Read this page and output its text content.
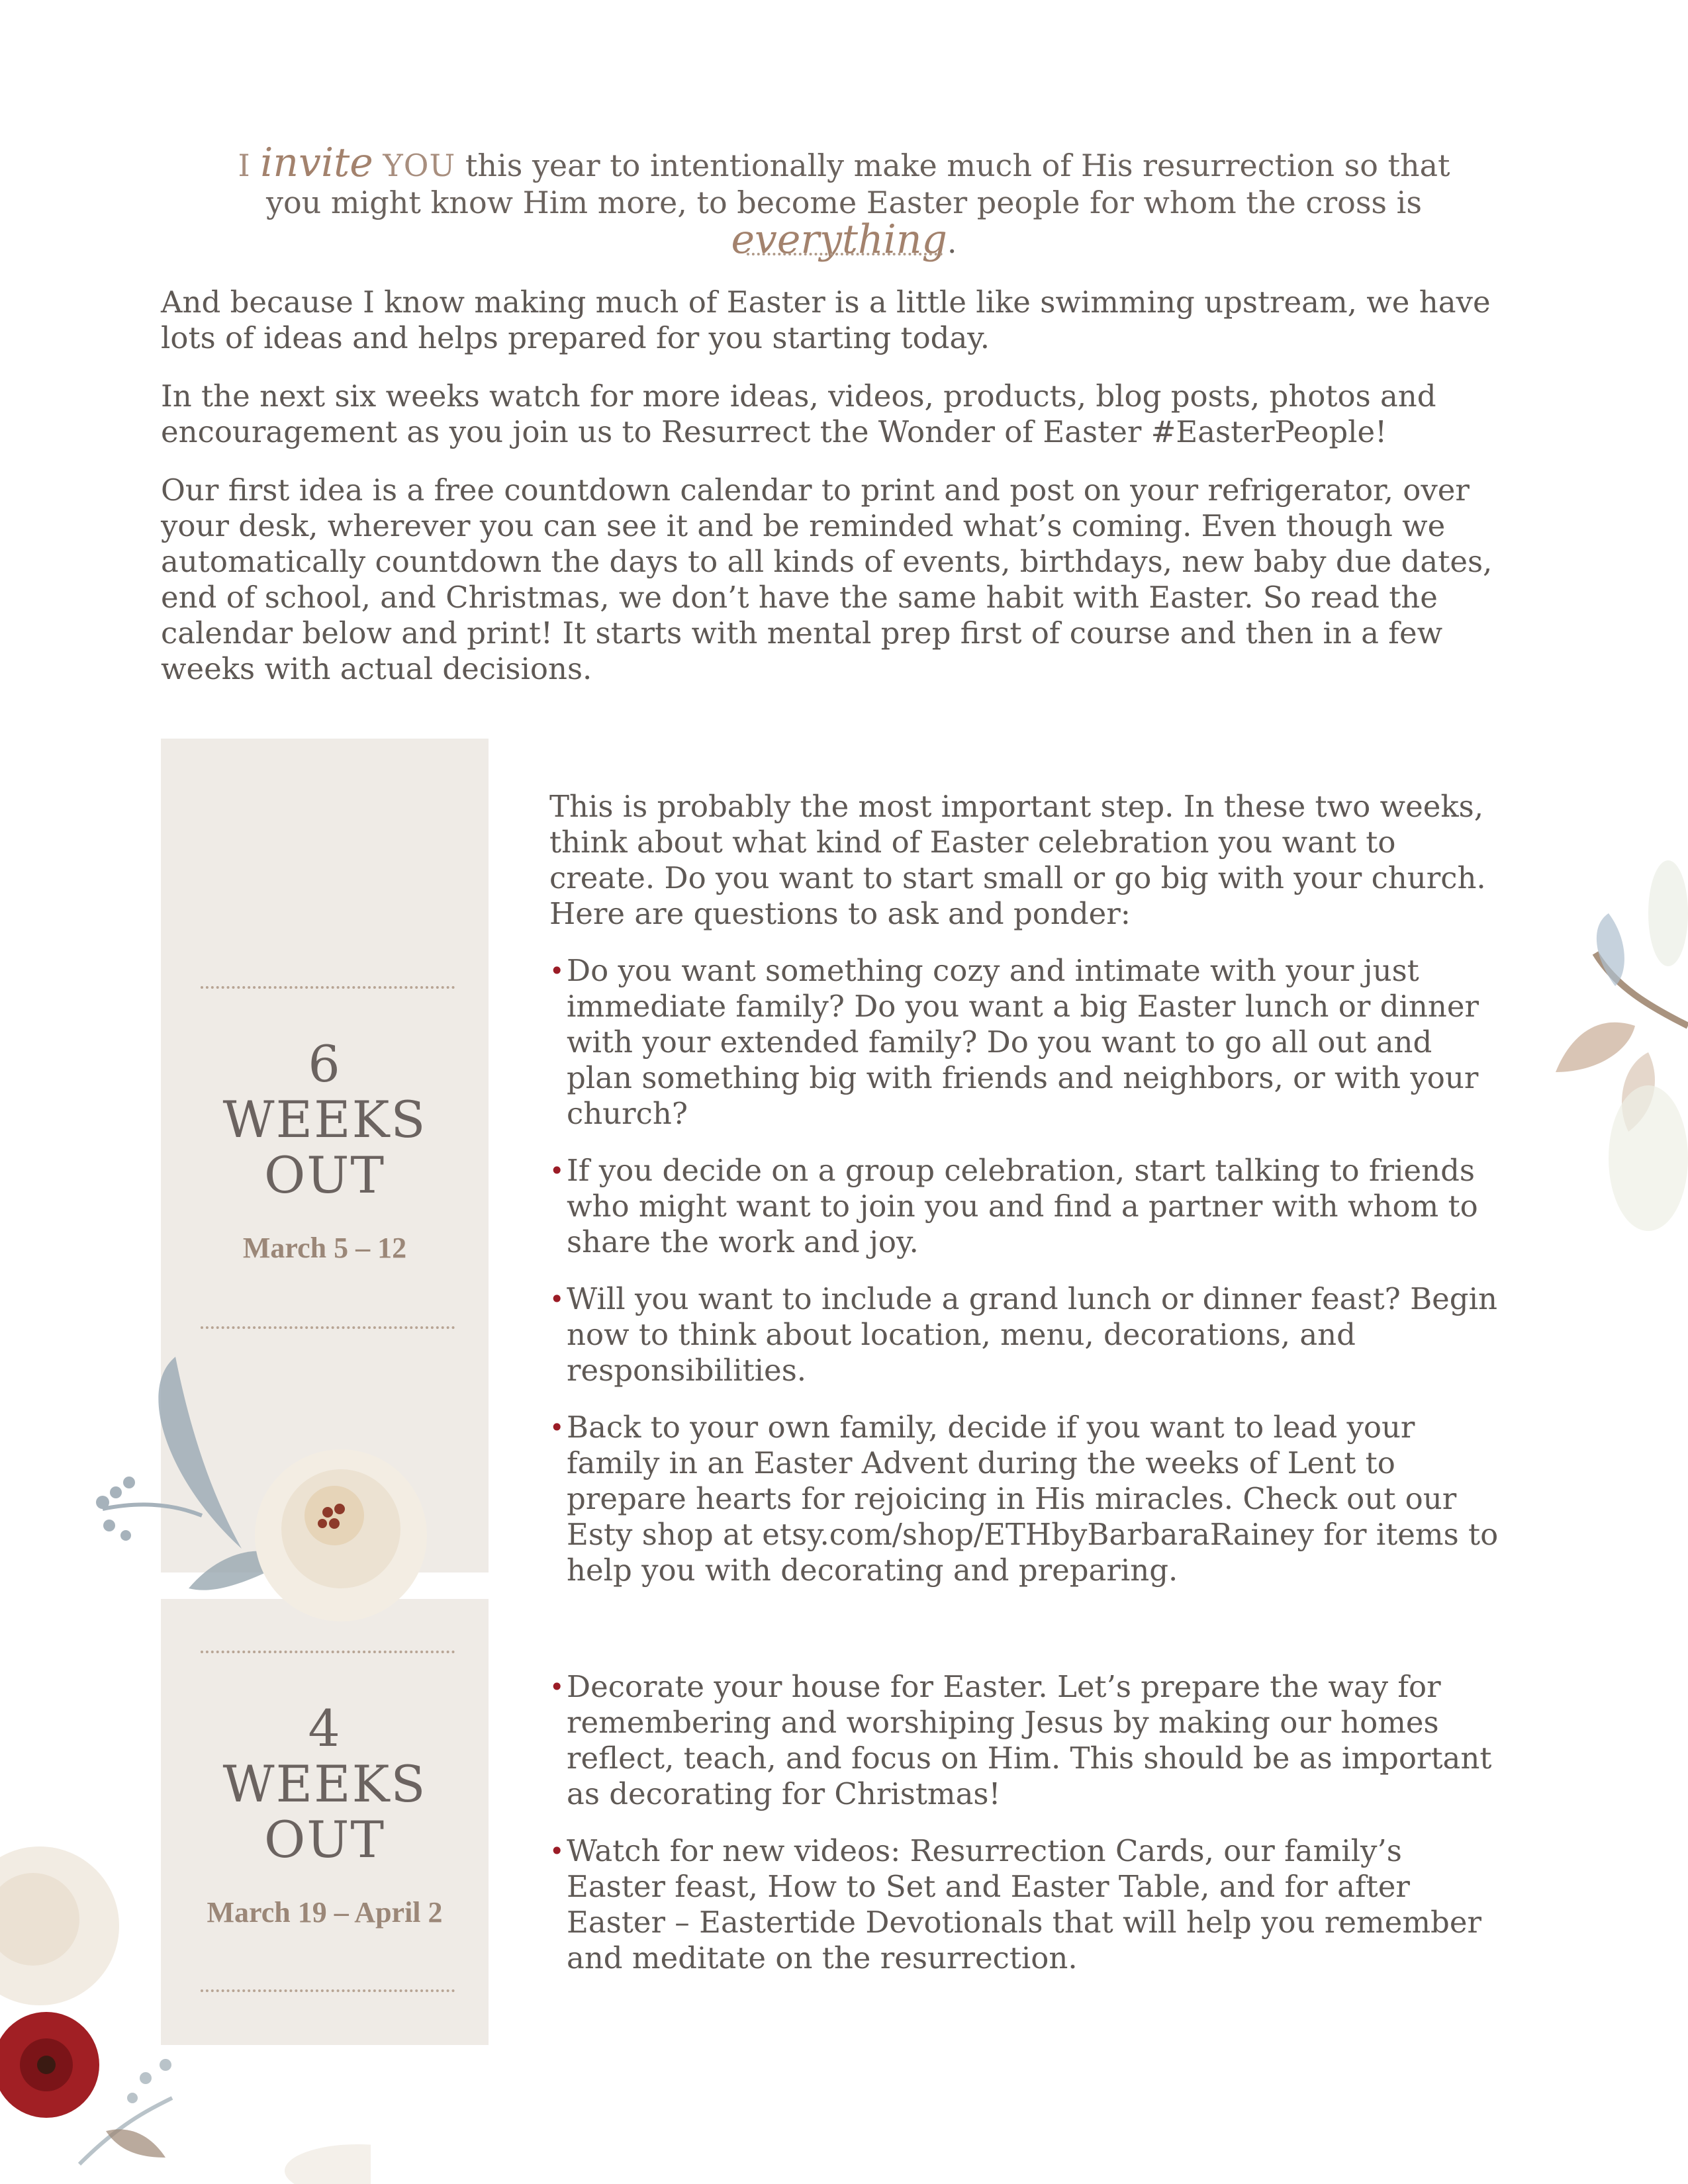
I invite YOU this year to intentionally make much of His resurrection so that
you might know Him more, to become Easter people for whom the cross is everything.
And because I know making much of Easter is a little like swimming upstream, we have lots of ideas and helps prepared for you starting today.
In the next six weeks watch for more ideas, videos, products, blog posts, photos and encouragement as you join us to Resurrect the Wonder of Easter #EasterPeople!
Our first idea is a free countdown calendar to print and post on your refrigerator, over your desk, wherever you can see it and be reminded what’s coming. Even though we automatically countdown the days to all kinds of events, birthdays, new baby due dates, end of school, and Christmas, we don’t have the same habit with Easter. So read the calendar below and print! It starts with mental prep first of course and then in a few weeks with actual decisions.
6
WEEKS
OUT
March 5 – 12
4
WEEKS
OUT
March 19 – April 2

This is probably the most important step. In these two weeks, think about what kind of Easter celebration you want to create. Do you want to start small or go big with your church. Here are questions to ask and ponder:

• Do you want something cozy and intimate with your just immediate family? Do you want a big Easter lunch or dinner with your extended family? Do you want to go all out and plan something big with friends and neighbors, or with your church?
• If you decide on a group celebration, start talking to friends who might want to join you and find a partner with whom to share the work and joy.
• Will you want to include a grand lunch or dinner feast? Begin now to think about location, menu, decorations, and responsibilities.
• Back to your own family, decide if you want to lead your family in an Easter Advent during the weeks of Lent to prepare hearts for rejoicing in His miracles. Check out our Esty shop at etsy.com/shop/ETHbyBarbaraRainey for items to help you with decorating and preparing.
• Decorate your house for Easter. Let’s prepare the way for remembering and worshiping Jesus by making our homes reflect, teach, and focus on Him. This should be as important as decorating for Christmas!
• Watch for new videos: Resurrection Cards, our family’s Easter feast, How to Set and Easter Table, and for after Easter – Eastertide Devotionals that will help you remember and meditate on the resurrection.
